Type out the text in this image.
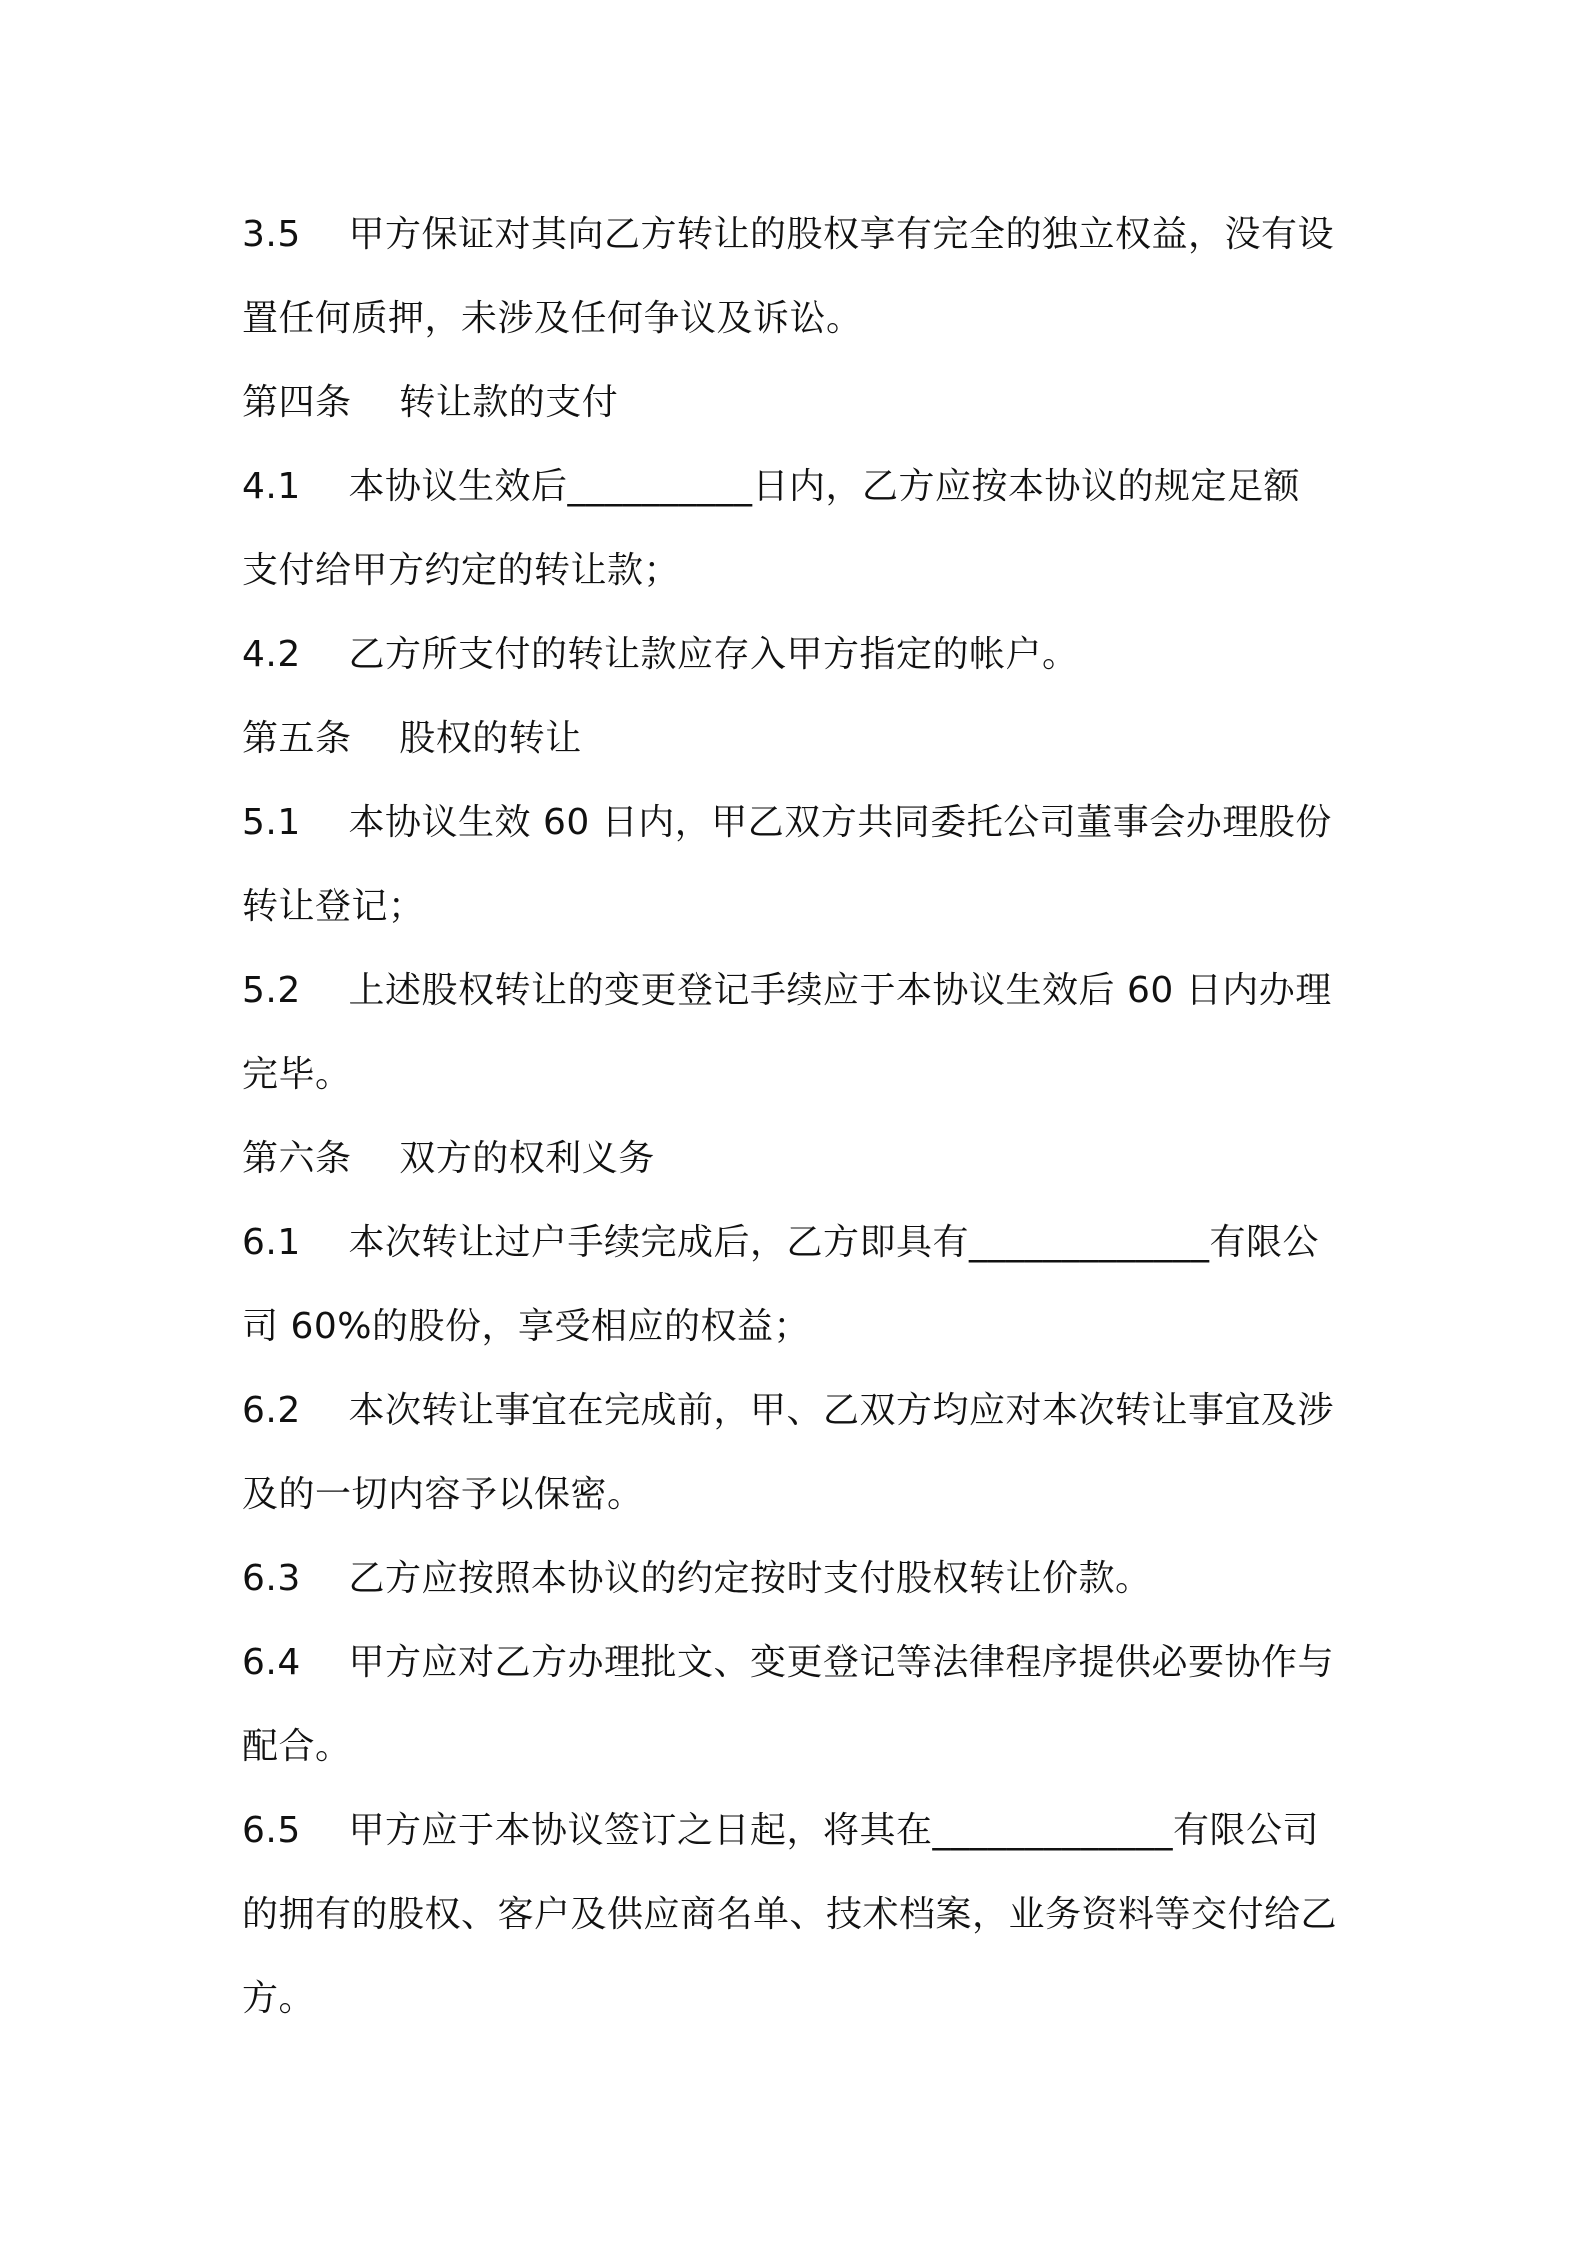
3.5    甲方保证对其向乙方转让的股权享有完全的独立权益，没有设
置任何质押，未涉及任何争议及诉讼。
第四条    转让款的支付
4.1    本协议生效后__________日内，乙方应按本协议的规定足额
支付给甲方约定的转让款；
4.2    乙方所支付的转让款应存入甲方指定的帐户。
第五条    股权的转让
5.1    本协议生效 60 日内，甲乙双方共同委托公司董事会办理股份
转让登记；
5.2    上述股权转让的变更登记手续应于本协议生效后 60 日内办理
完毕。
第六条    双方的权利义务
6.1    本次转让过户手续完成后，乙方即具有_____________有限公
司 60%的股份，享受相应的权益；
6.2    本次转让事宜在完成前，甲、乙双方均应对本次转让事宜及涉
及的一切内容予以保密。
6.3    乙方应按照本协议的约定按时支付股权转让价款。
6.4    甲方应对乙方办理批文、变更登记等法律程序提供必要协作与
配合。
6.5    甲方应于本协议签订之日起，将其在_____________有限公司
的拥有的股权、客户及供应商名单、技术档案，业务资料等交付给乙
方。
